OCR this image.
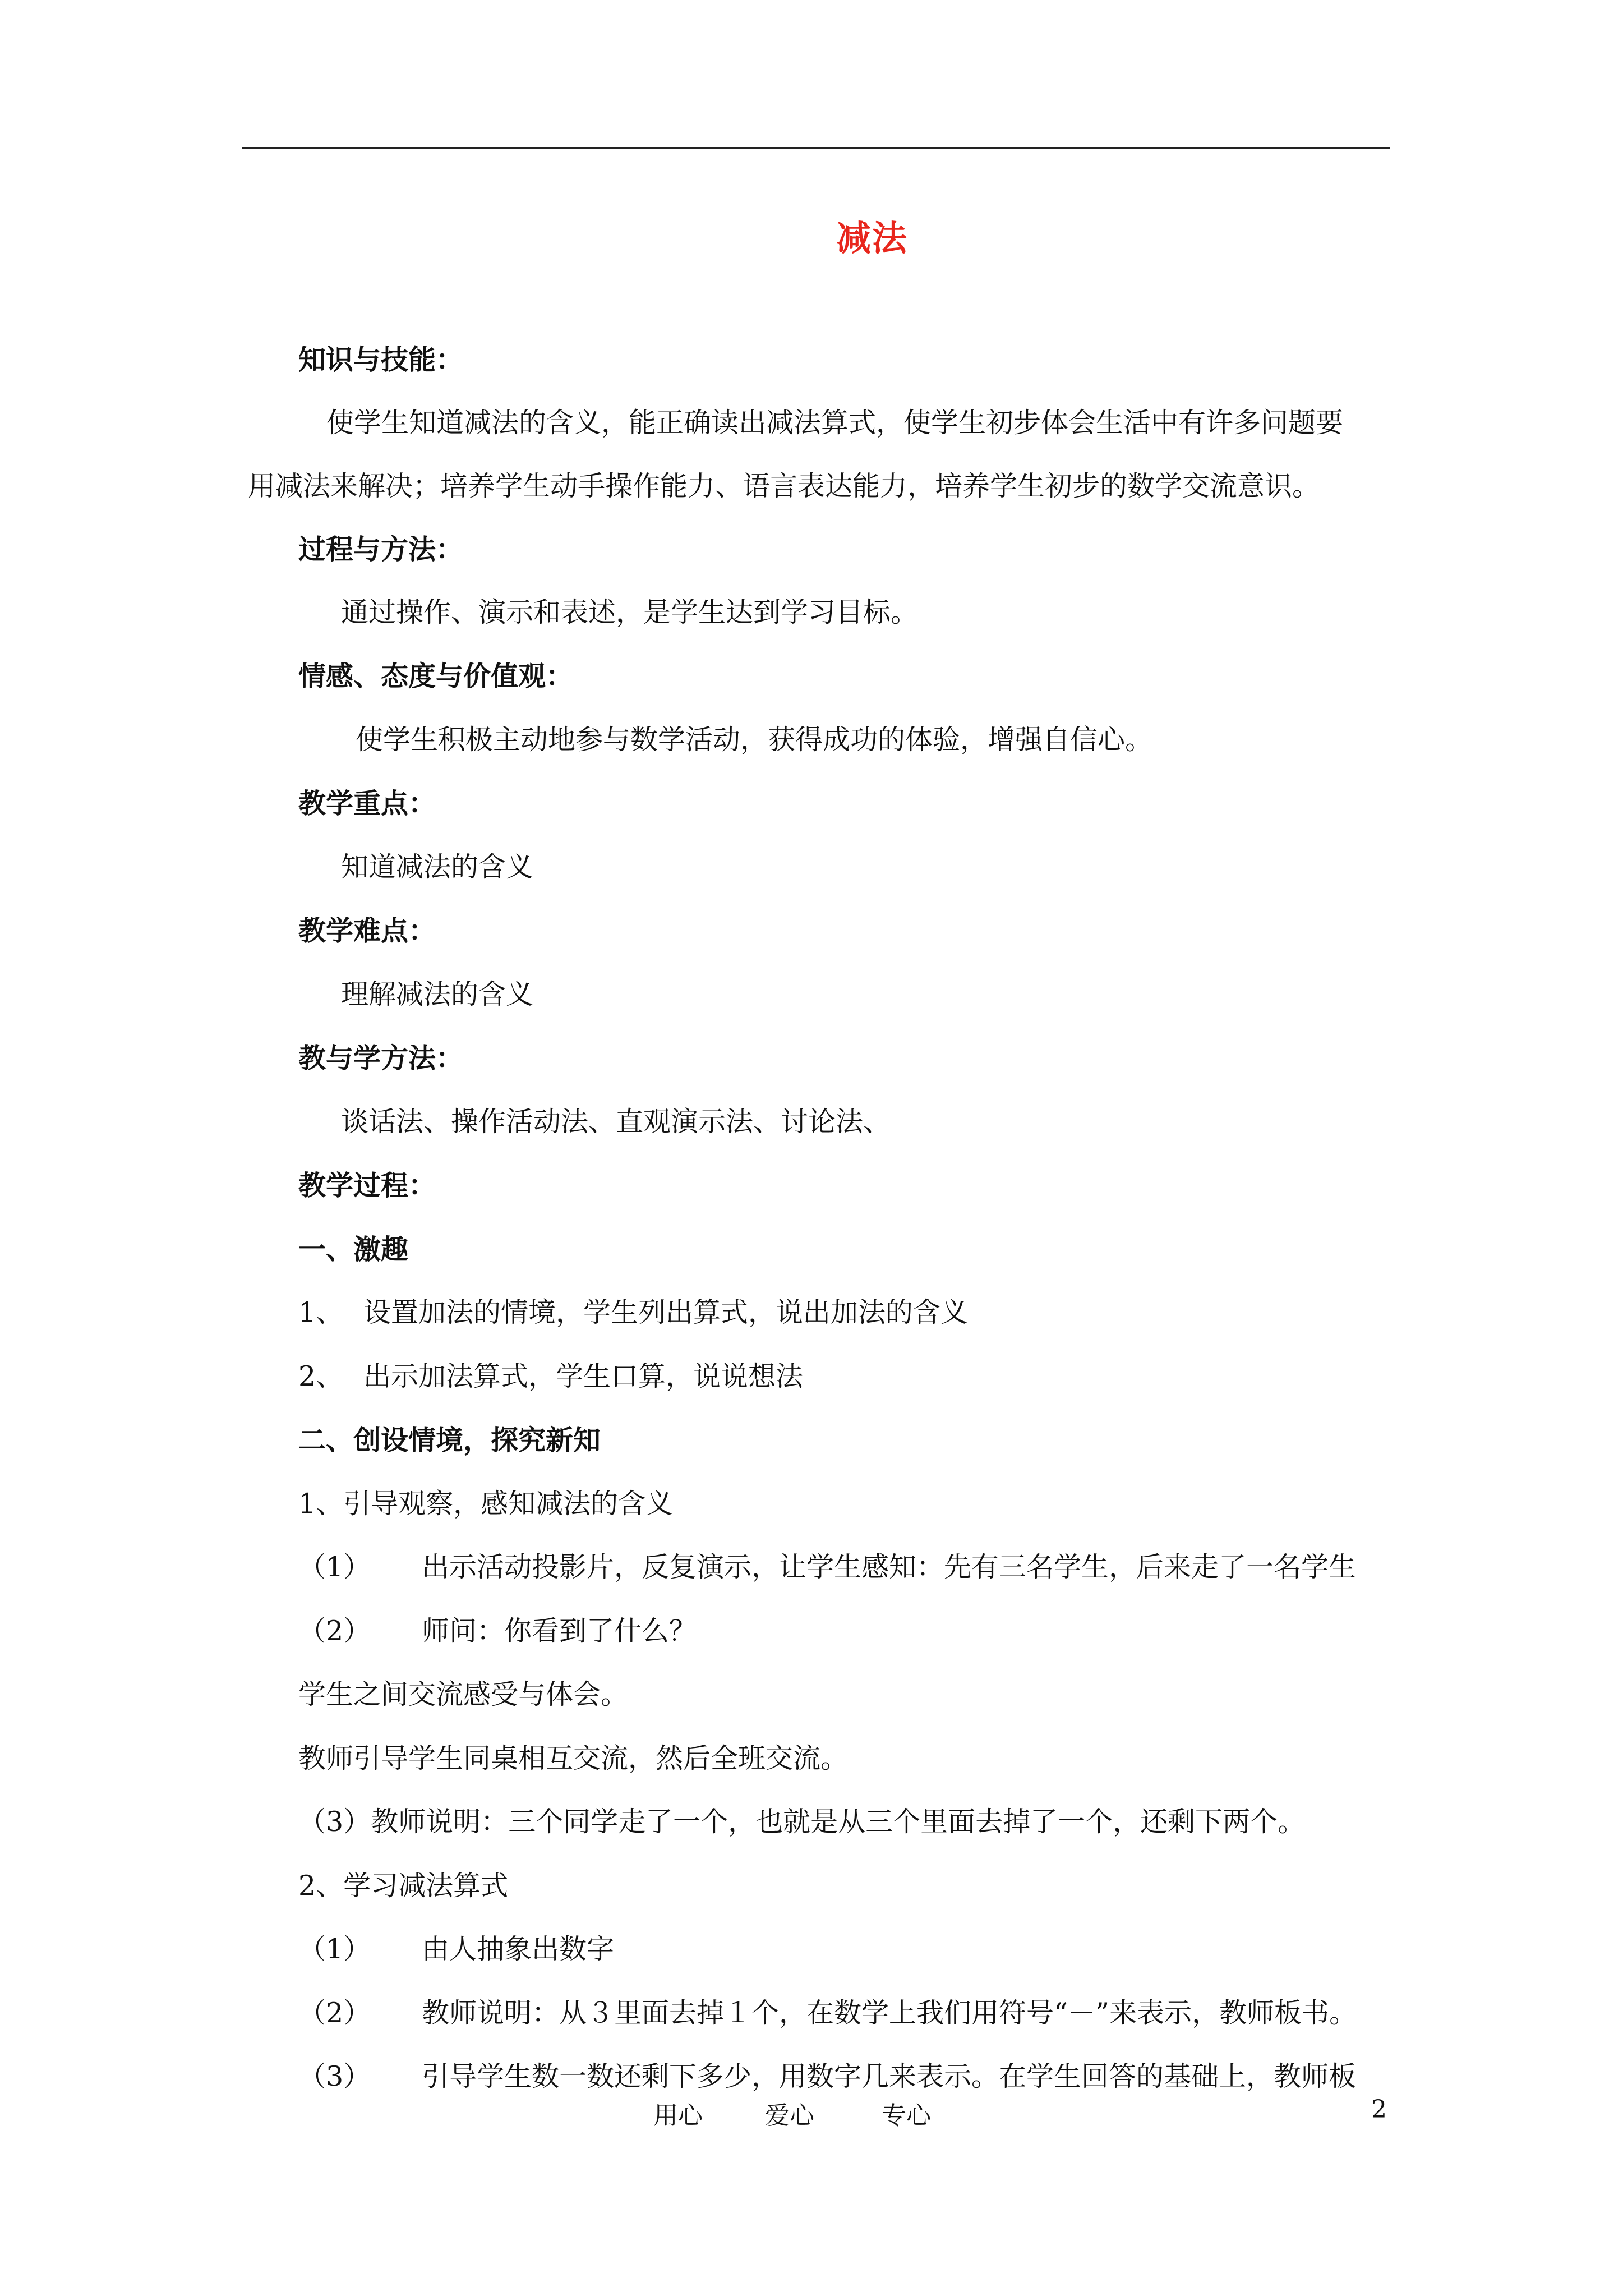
减法
知识与技能：
使学生知道减法的含义，能正确读出减法算式，使学生初步体会生活中有许多问题要
用减法来解决；培养学生动手操作能力、语言表达能力，培养学生初步的数学交流意识。
过程与方法：
通过操作、演示和表述，是学生达到学习目标。
情感、态度与价值观：
使学生积极主动地参与数学活动，获得成功的体验，增强自信心。
教学重点：
知道减法的含义
教学难点：
理解减法的含义
教与学方法：
谈话法、操作活动法、直观演示法、讨论法、
教学过程：
一、激趣
1、 设置加法的情境，学生列出算式，说出加法的含义
2、 出示加法算式，学生口算，说说想法
二、创设情境，探究新知
1、引导观察，感知减法的含义
（1） 出示活动投影片，反复演示，让学生感知：先有三名学生，后来走了一名学生
（2） 师问：你看到了什么？
学生之间交流感受与体会。
教师引导学生同桌相互交流，然后全班交流。
（3）教师说明：三个同学走了一个，也就是从三个里面去掉了一个，还剩下两个。
2、学习减法算式
（1） 由人抽象出数字
（2） 教师说明：从３里面去掉１个，在数学上我们用符号“－”来表示，教师板书。
（3） 引导学生数一数还剩下多少，用数字几来表示。在学生回答的基础上，教师板
用心	爱心	专心	2
